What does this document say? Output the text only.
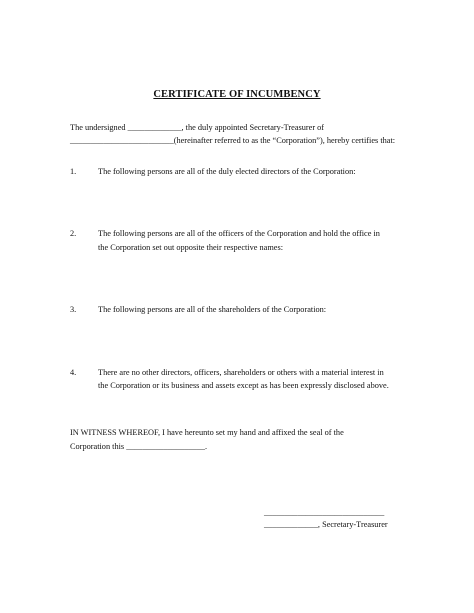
CERTIFICATE OF INCUMBENCY
The undersigned _____________, the duly appointed Secretary-Treasurer of
_________________________(hereinafter referred to as the “Corporation”), hereby certifies that:
1.	The following persons are all of the duly elected directors of the Corporation:
2.	The following persons are all of the officers of the Corporation and hold the office in
the Corporation set out opposite their respective names:
3.	The following persons are all of the shareholders of the Corporation:
4.	There are no other directors, officers, shareholders or others with a material interest in
the Corporation or its business and assets except as has been expressly disclosed above.
IN WITNESS WHEREOF, I have hereunto set my hand and affixed the seal of the
Corporation this ___________________.
_____________________________
_____________, Secretary-Treasurer
